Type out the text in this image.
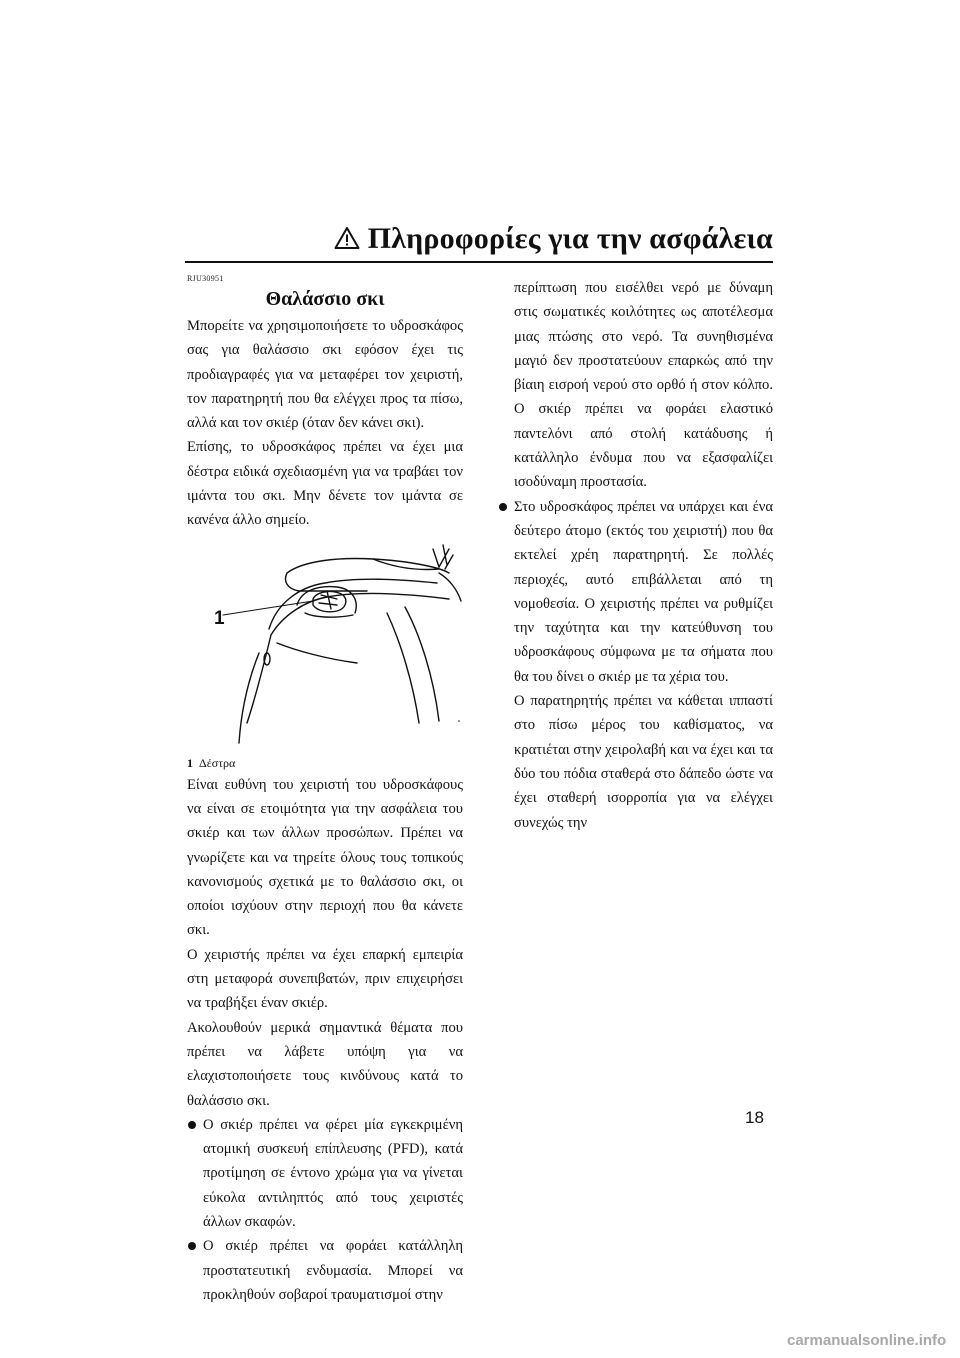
Πληροφορίες για την ασφάλεια
RJU30951
Θαλάσσιο σκι

Μπορείτε να χρησιμοποιήσετε το υδροσκάφος σας για θαλάσσιο σκι εφόσον έχει τις προδιαγραφές για να μεταφέρει τον χειριστή, τον παρατηρητή που θα ελέγχει προς τα πίσω, αλλά και τον σκιέρ (όταν δεν κάνει σκι).

Επίσης, το υδροσκάφος πρέπει να έχει μια δέστρα ειδικά σχεδιασμένη για να τραβάει τον ιμάντα του σκι. Μην δένετε τον ιμάντα σε κανένα άλλο σημείο.

1
1 Δέστρα

Είναι ευθύνη του χειριστή του υδροσκάφους να είναι σε ετοιμότητα για την ασφάλεια του σκιέρ και των άλλων προσώπων. Πρέπει να γνωρίζετε και να τηρείτε όλους τους τοπικούς κανονισμούς σχετικά με το θαλάσσιο σκι, οι οποίοι ισχύουν στην περιοχή που θα κάνετε σκι.

Ο χειριστής πρέπει να έχει επαρκή εμπειρία στη μεταφορά συνεπιβατών, πριν επιχειρήσει να τραβήξει έναν σκιέρ.

Ακολουθούν μερικά σημαντικά θέματα που πρέπει να λάβετε υπόψη για να ελαχιστοποιήσετε τους κινδύνους κατά το θαλάσσιο σκι.

Ο σκιέρ πρέπει να φέρει μία εγκεκριμένη ατομική συσκευή επίπλευσης (PFD), κατά προτίμηση σε έντονο χρώμα για να γίνεται εύκολα αντιληπτός από τους χειριστές άλλων σκαφών.
Ο σκιέρ πρέπει να φοράει κατάλληλη προστατευτική ενδυμασία. Μπορεί να προκληθούν σοβαροί τραυματισμοί στην
περίπτωση που εισέλθει νερό με δύναμη στις σωματικές κοιλότητες ως αποτέλεσμα μιας πτώσης στο νερό. Τα συνηθισμένα μαγιό δεν προστατεύουν επαρκώς από την βίαιη εισροή νερού στο ορθό ή στον κόλπο. Ο σκιέρ πρέπει να φοράει ελαστικό παντελόνι από στολή κατάδυσης ή κατάλληλο ένδυμα που να εξασφαλίζει ισοδύναμη προστασία.
Στο υδροσκάφος πρέπει να υπάρχει και ένα δεύτερο άτομο (εκτός του χειριστή) που θα εκτελεί χρέη παρατηρητή. Σε πολλές περιοχές, αυτό επιβάλλεται από τη νομοθεσία. Ο χειριστής πρέπει να ρυθμίζει την ταχύτητα και την κατεύθυνση του υδροσκάφους σύμφωνα με τα σήματα που θα του δίνει ο σκιέρ με τα χέρια του.
Ο παρατηρητής πρέπει να κάθεται ιππαστί στο πίσω μέρος του καθίσματος, να κρατιέται στην χειρολαβή και να έχει και τα δύο του πόδια σταθερά στο δάπεδο ώστε να έχει σταθερή ισορροπία για να ελέγχει συνεχώς την
18
carmanualsonline.info
